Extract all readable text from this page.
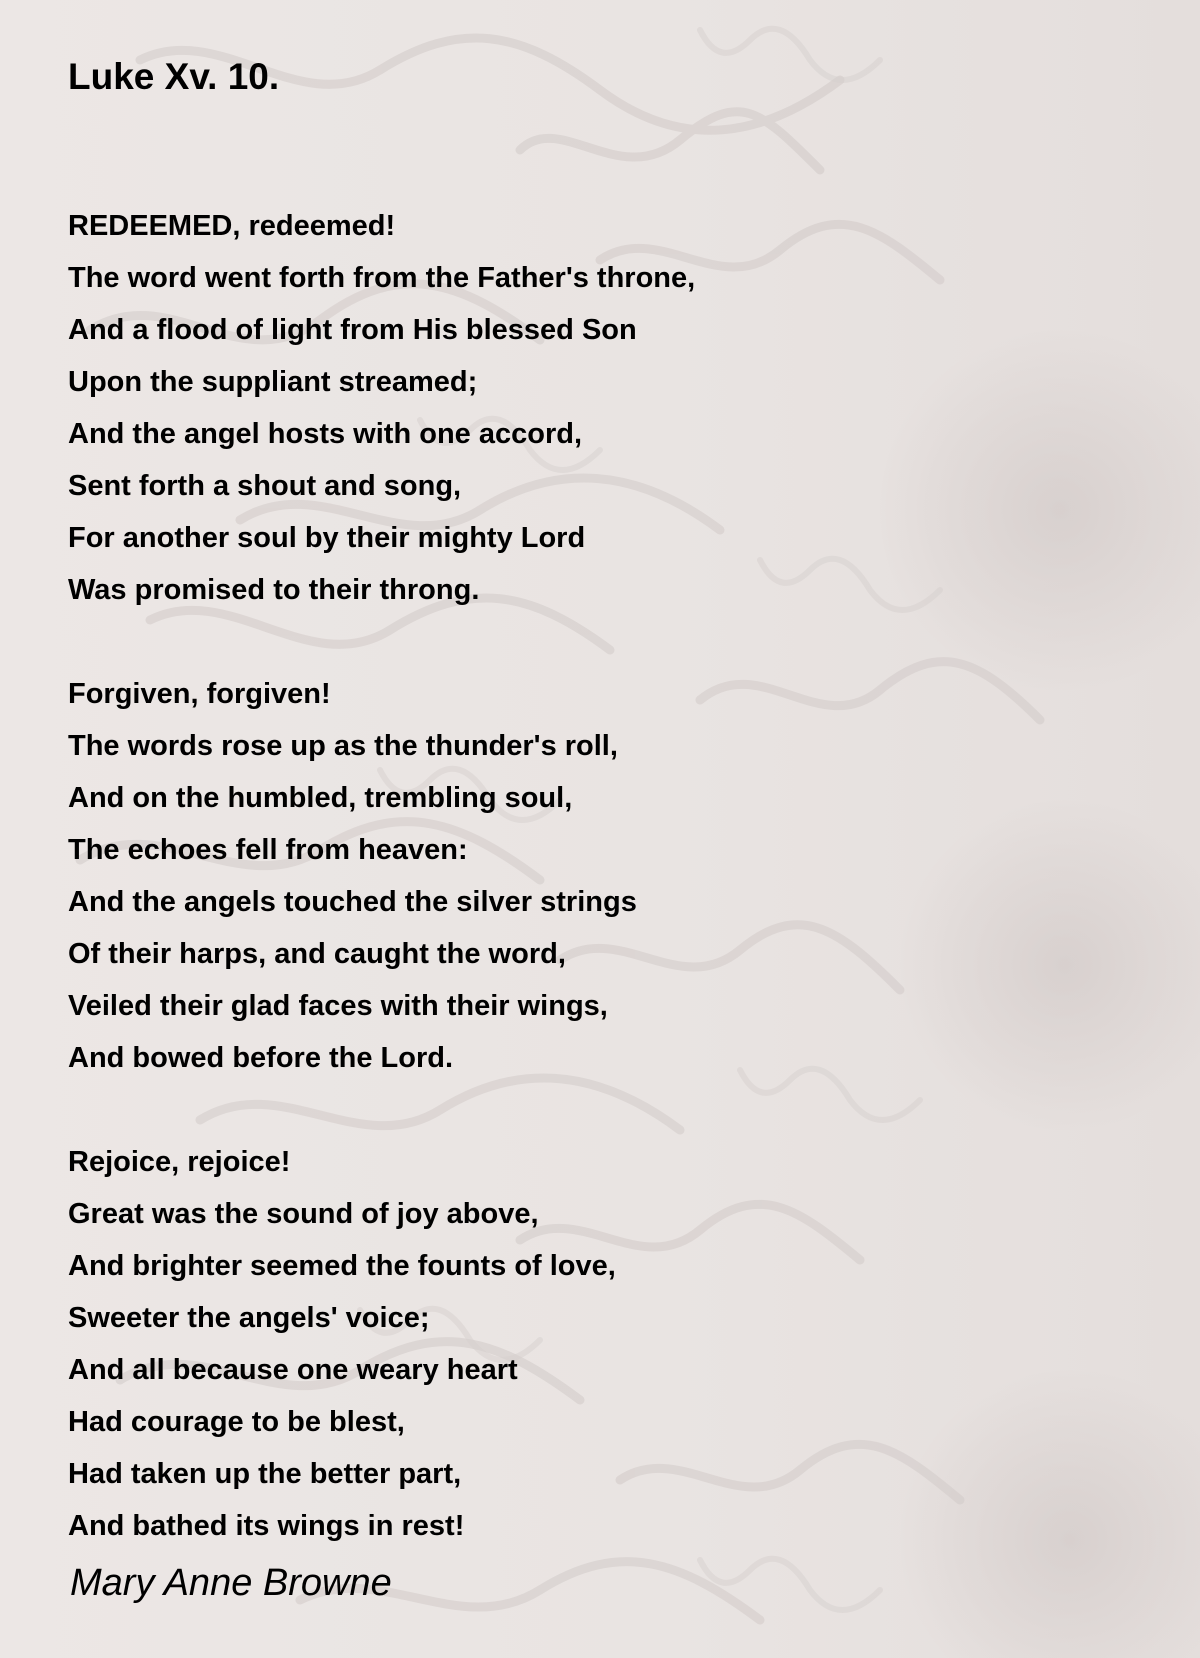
Luke Xv. 10.
REDEEMED, redeemed!
The word went forth from the Father's throne,
And a flood of light from His blessed Son
Upon the suppliant streamed;
And the angel hosts with one accord,
Sent forth a shout and song,
For another soul by their mighty Lord
Was promised to their throng.
Forgiven, forgiven!
The words rose up as the thunder's roll,
And on the humbled, trembling soul,
The echoes fell from heaven:
And the angels touched the silver strings
Of their harps, and caught the word,
Veiled their glad faces with their wings,
And bowed before the Lord.
Rejoice, rejoice!
Great was the sound of joy above,
And brighter seemed the founts of love,
Sweeter the angels' voice;
And all because one weary heart
Had courage to be blest,
Had taken up the better part,
And bathed its wings in rest!
Mary Anne Browne
